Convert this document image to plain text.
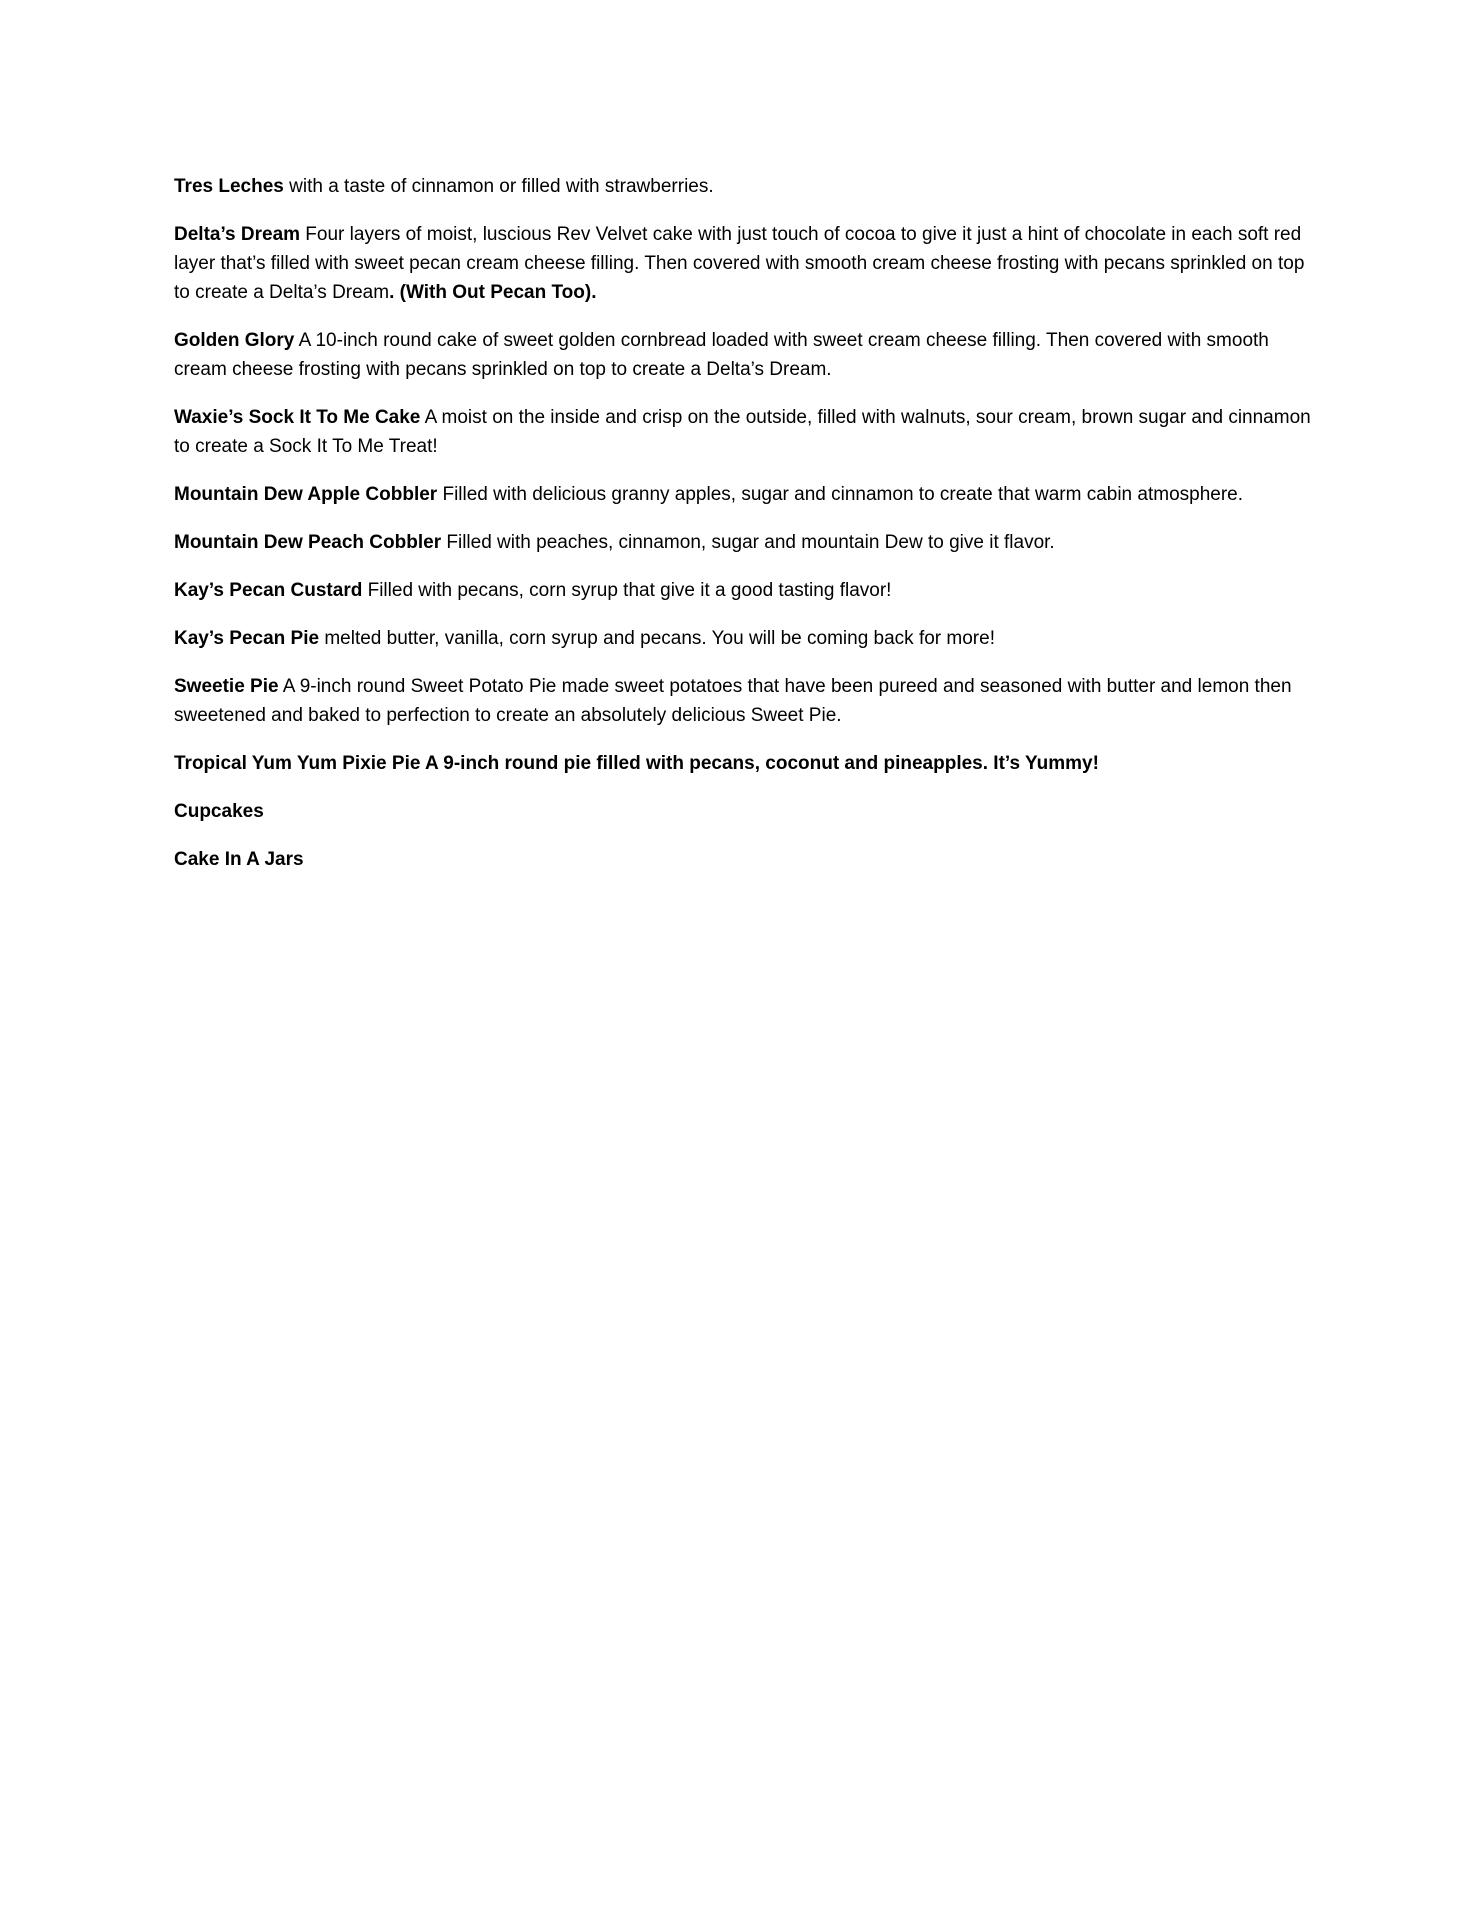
Tres Leches with a taste of cinnamon or filled with strawberries.

Delta’s Dream Four layers of moist, luscious Rev Velvet cake with just touch of cocoa to give it just a hint of chocolate in each soft red layer that’s filled with sweet pecan cream cheese filling. Then covered with smooth cream cheese frosting with pecans sprinkled on top to create a Delta’s Dream. (With Out Pecan Too).

Golden Glory A 10-inch round cake of sweet golden cornbread loaded with sweet cream cheese filling. Then covered with smooth cream cheese frosting with pecans sprinkled on top to create a Delta’s Dream.

Waxie’s Sock It To Me Cake A moist on the inside and crisp on the outside, filled with walnuts, sour cream, brown sugar and cinnamon to create a Sock It To Me Treat!

Mountain Dew Apple Cobbler Filled with delicious granny apples, sugar and cinnamon to create that warm cabin atmosphere.

Mountain Dew Peach Cobbler Filled with peaches, cinnamon, sugar and mountain Dew to give it flavor.

Kay’s Pecan Custard Filled with pecans, corn syrup that give it a good tasting flavor!

Kay’s Pecan Pie melted butter, vanilla, corn syrup and pecans. You will be coming back for more!

Sweetie Pie A 9-inch round Sweet Potato Pie made sweet potatoes that have been pureed and seasoned with butter and lemon then sweetened and baked to perfection to create an absolutely delicious Sweet Pie.

Tropical Yum Yum Pixie Pie A 9-inch round pie filled with pecans, coconut and pineapples. It’s Yummy!

Cupcakes

Cake In A Jars
